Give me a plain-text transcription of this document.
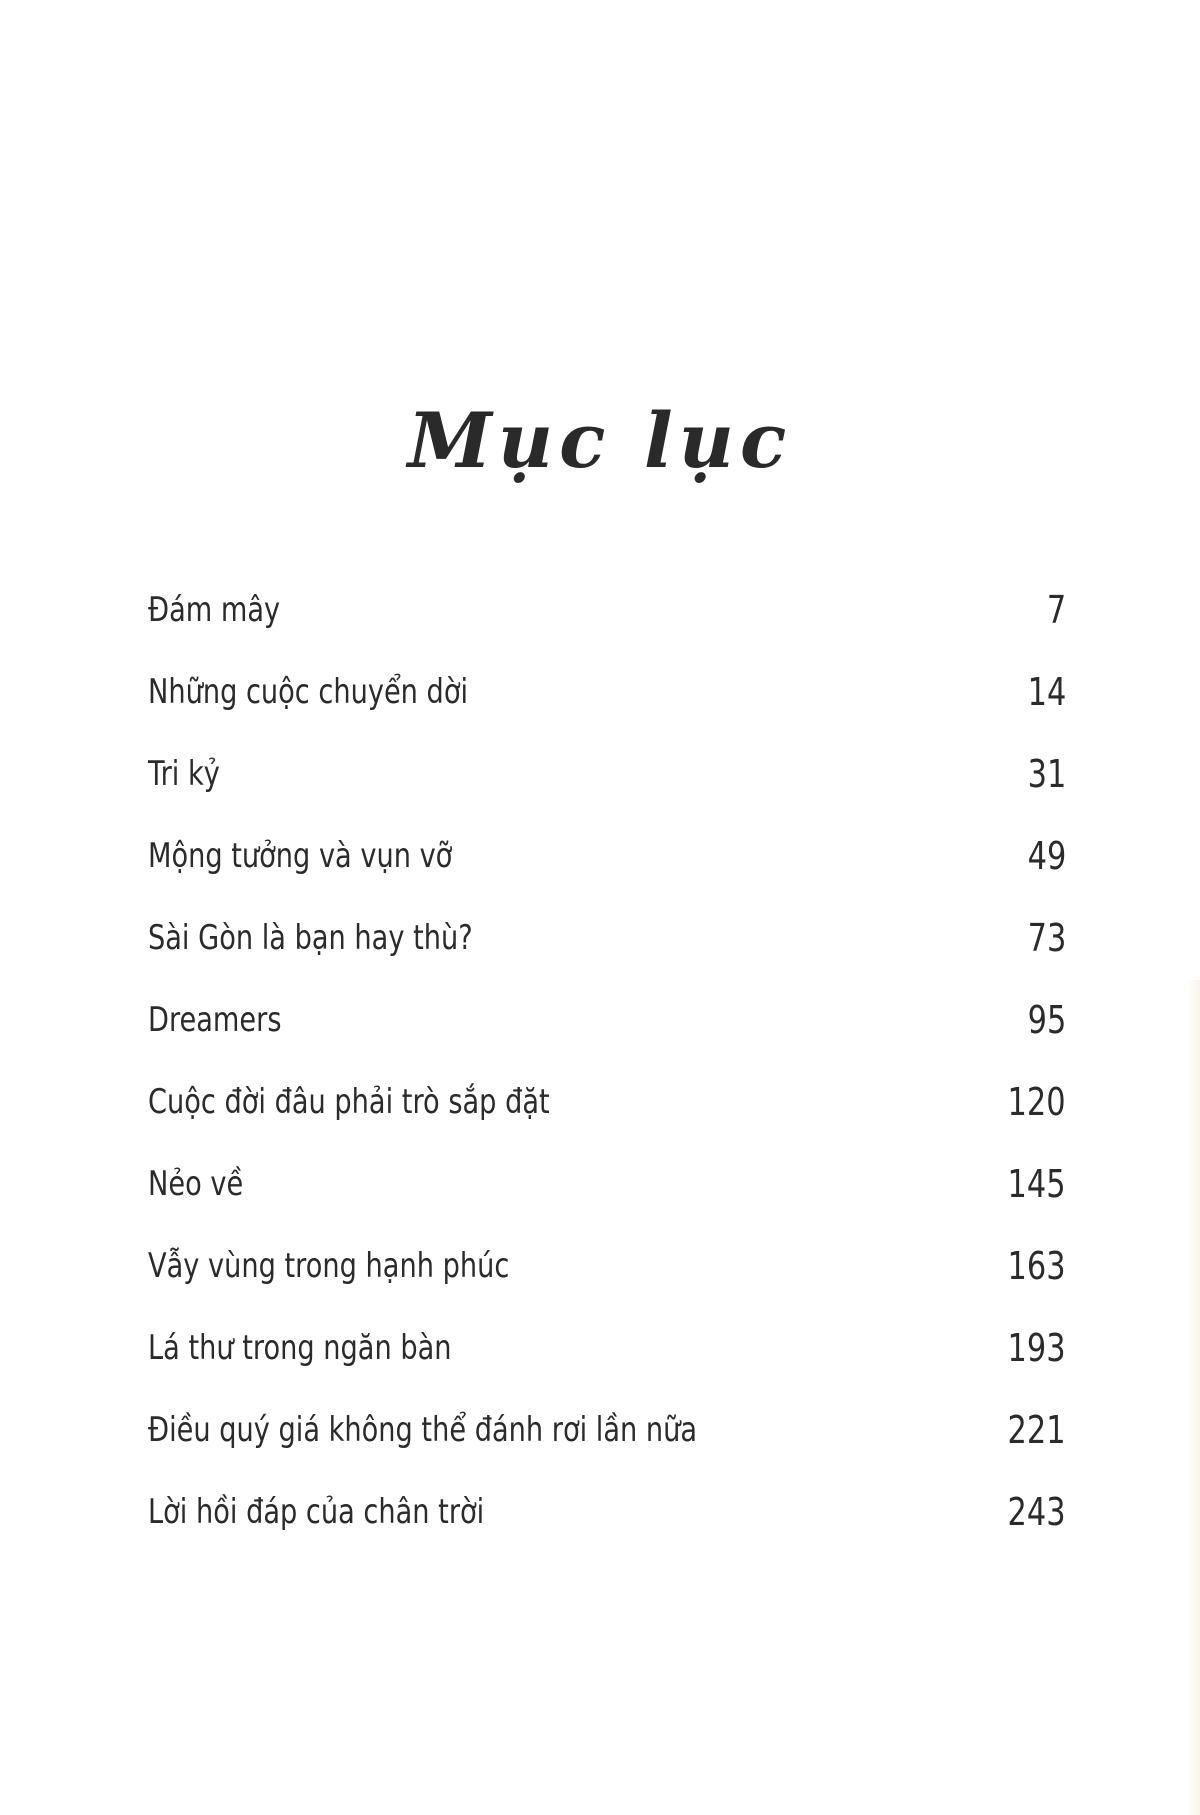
Mục lục
Đám mây	7
Những cuộc chuyển dời	14
Tri kỷ	31
Mộng tưởng và vụn vỡ	49
Sài Gòn là bạn hay thù?	73
Dreamers	95
Cuộc đời đâu phải trò sắp đặt	120
Nẻo về	145
Vẫy vùng trong hạnh phúc	163
Lá thư trong ngăn bàn	193
Điều quý giá không thể đánh rơi lần nữa	221
Lời hồi đáp của chân trời	243
